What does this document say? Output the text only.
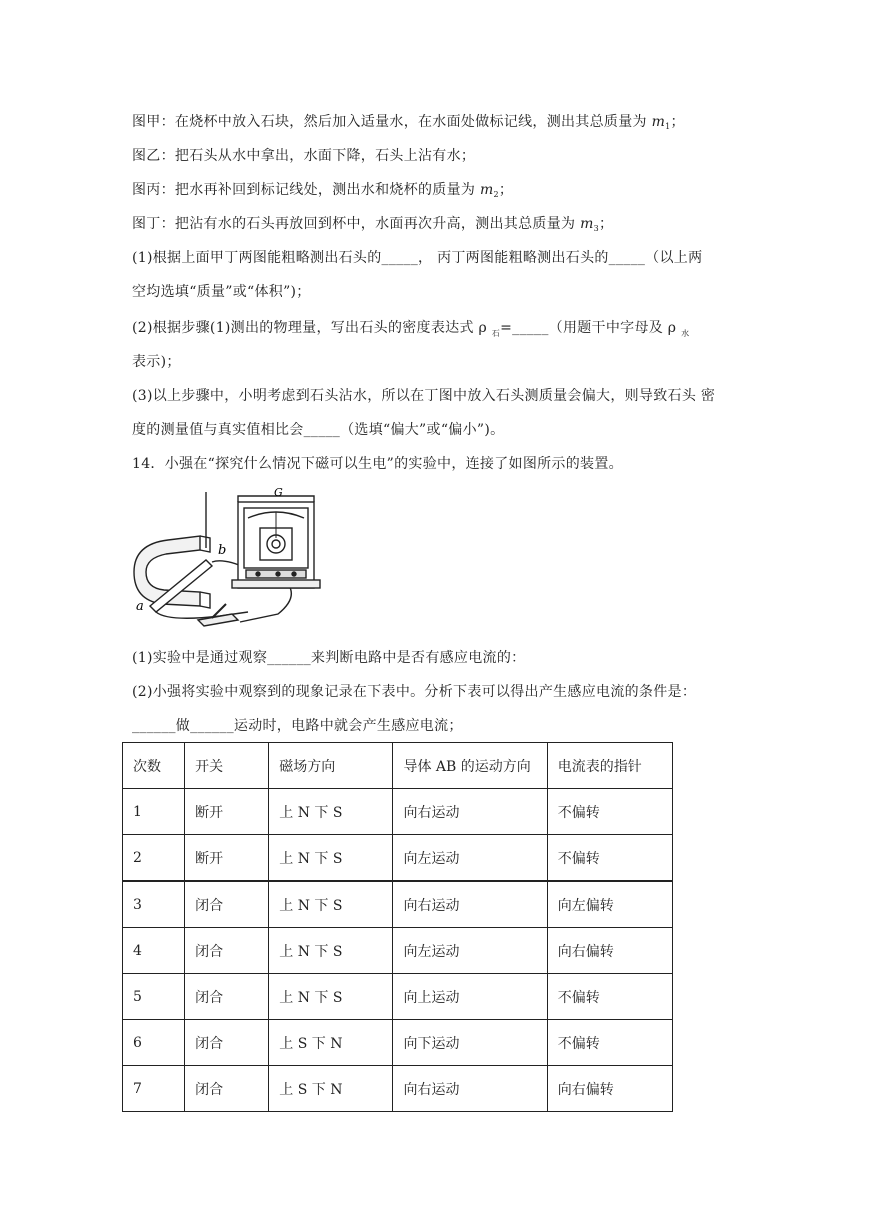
图甲：在烧杯中放入石块，然后加入适量水，在水面处做标记线，测出其总质量为 $m_1$；
图乙：把石头从水中拿出，水面下降，石头上沾有水；
图丙：把水再补回到标记线处，测出水和烧杯的质量为 $m_2$；
图丁：把沾有水的石头再放回到杯中，水面再次升高，测出其总质量为 $m_3$；
(1)根据上面甲丁两图能粗略测出石头的_____， 丙丁两图能粗略测出石头的_____（以上两
空均选填“质量”或“体积”)；
(2)根据步骤(1)测出的物理量，写出石头的密度表达式 ρ $_石$=_____（用题干中字母及 ρ $_水$
表示)；
(3)以上步骤中，小明考虑到石头沾水，所以在丁图中放入石头测质量会偏大，则导致石头 密
度的测量值与真实值相比会_____（选填“偏大”或“偏小”)。
14．小强在“探究什么情况下磁可以生电”的实验中，连接了如图所示的装置。
G
b
a
(1)实验中是通过观察______来判断电路中是否有感应电流的：
(2)小强将实验中观察到的现象记录在下表中。分析下表可以得出产生感应电流的条件是：
______做______运动时，电路中就会产生感应电流；
次数	开关	磁场方向	导体 AB 的运动方向	电流表的指针
1	断开	上 N 下 S	向右运动	不偏转
2	断开	上 N 下 S	向左运动	不偏转
3	闭合	上 N 下 S	向右运动	向左偏转
4	闭合	上 N 下 S	向左运动	向右偏转
5	闭合	上 N 下 S	向上运动	不偏转
6	闭合	上 S 下 N	向下运动	不偏转
7	闭合	上 S 下 N	向右运动	向右偏转
